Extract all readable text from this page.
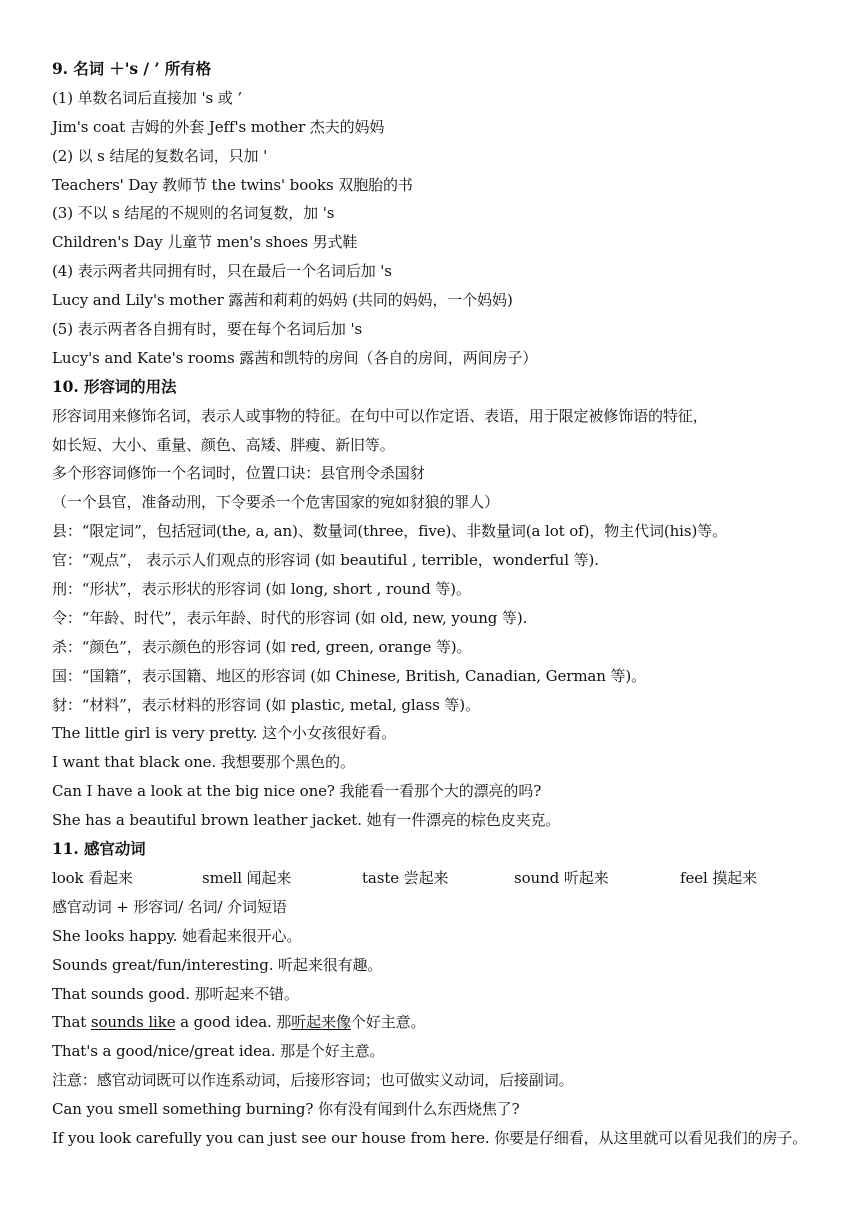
9. 名词 ＋'s / ’ 所有格
(1) 单数名词后直接加 's 或 ’
Jim's coat 吉姆的外套 Jeff's mother 杰夫的妈妈
(2) 以 s 结尾的复数名词，只加 '
Teachers' Day 教师节 the twins' books 双胞胎的书
(3) 不以 s 结尾的不规则的名词复数，加 's
Children's Day 儿童节 men's shoes 男式鞋
(4) 表示两者共同拥有时，只在最后一个名词后加 's
Lucy and Lily's mother 露茜和莉莉的妈妈 (共同的妈妈，一个妈妈)
(5) 表示两者各自拥有时，要在每个名词后加 's
Lucy's and Kate's rooms 露茜和凯特的房间（各自的房间，两间房子）
10. 形容词的用法
形容词用来修饰名词，表示人或事物的特征。在句中可以作定语、表语，用于限定被修饰语的特征，
如长短、大小、重量、颜色、高矮、胖瘦、新旧等。
多个形容词修饰一个名词时，位置口诀：县官刑令杀国豺
（一个县官，准备动刑，下令要杀一个危害国家的宛如豺狼的罪人）
县：“限定词”，包括冠词(the, a, an)、数量词(three，five)、非数量词(a lot of)，物主代词(his)等。
官：“观点”， 表示示人们观点的形容词 (如 beautiful , terrible，wonderful 等).
刑：“形状”，表示形状的形容词 (如 long, short , round 等)。
令：“年龄、时代”，表示年龄、时代的形容词 (如 old, new, young 等).
杀：“颜色”，表示颜色的形容词 (如 red, green, orange 等)。
国：“国籍”，表示国籍、地区的形容词 (如 Chinese, British, Canadian, German 等)。
豺：“材料”，表示材料的形容词 (如 plastic, metal, glass 等)。
The little girl is very pretty. 这个小女孩很好看。
I want that black one. 我想要那个黑色的。
Can I have a look at the big nice one? 我能看一看那个大的漂亮的吗?
She has a beautiful brown leather jacket. 她有一件漂亮的棕色皮夹克。
11. 感官动词
look 看起来	smell 闻起来	taste 尝起来	sound 听起来	feel 摸起来
感官动词 + 形容词/ 名词/ 介词短语
She looks happy. 她看起来很开心。
Sounds great/fun/interesting. 听起来很有趣。
That sounds good. 那听起来不错。
That sounds like a good idea. 那听起来像个好主意。
That's a good/nice/great idea. 那是个好主意。
注意：感官动词既可以作连系动词，后接形容词；也可做实义动词，后接副词。
Can you smell something burning? 你有没有闻到什么东西烧焦了?
If you look carefully you can just see our house from here. 你要是仔细看，从这里就可以看见我们的房子。
